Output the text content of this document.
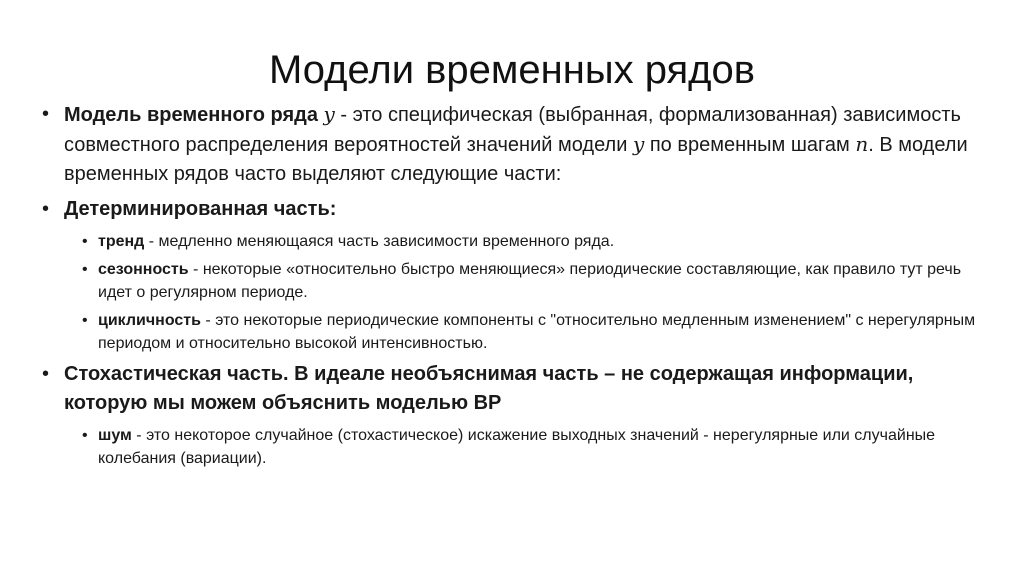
Модели временных рядов
• Модель временного ряда y - это специфическая (выбранная, формализованная) зависимость совместного распределения вероятностей значений модели y по временным шагам n. В модели временных рядов часто выделяют следующие части:
• Детерминированная часть:
• тренд - медленно меняющаяся часть зависимости временного ряда.
• сезонность - некоторые «относительно быстро меняющиеся» периодические составляющие, как правило тут речь идет о регулярном периоде.
• цикличность - это некоторые периодические компоненты с "относительно медленным изменением" с нерегулярным периодом и относительно высокой интенсивностью.
• Стохастическая часть. В идеале необъяснимая часть – не содержащая информации, которую мы можем объяснить моделью ВР
• шум - это некоторое случайное (стохастическое) искажение выходных значений - нерегулярные или случайные колебания (вариации).
